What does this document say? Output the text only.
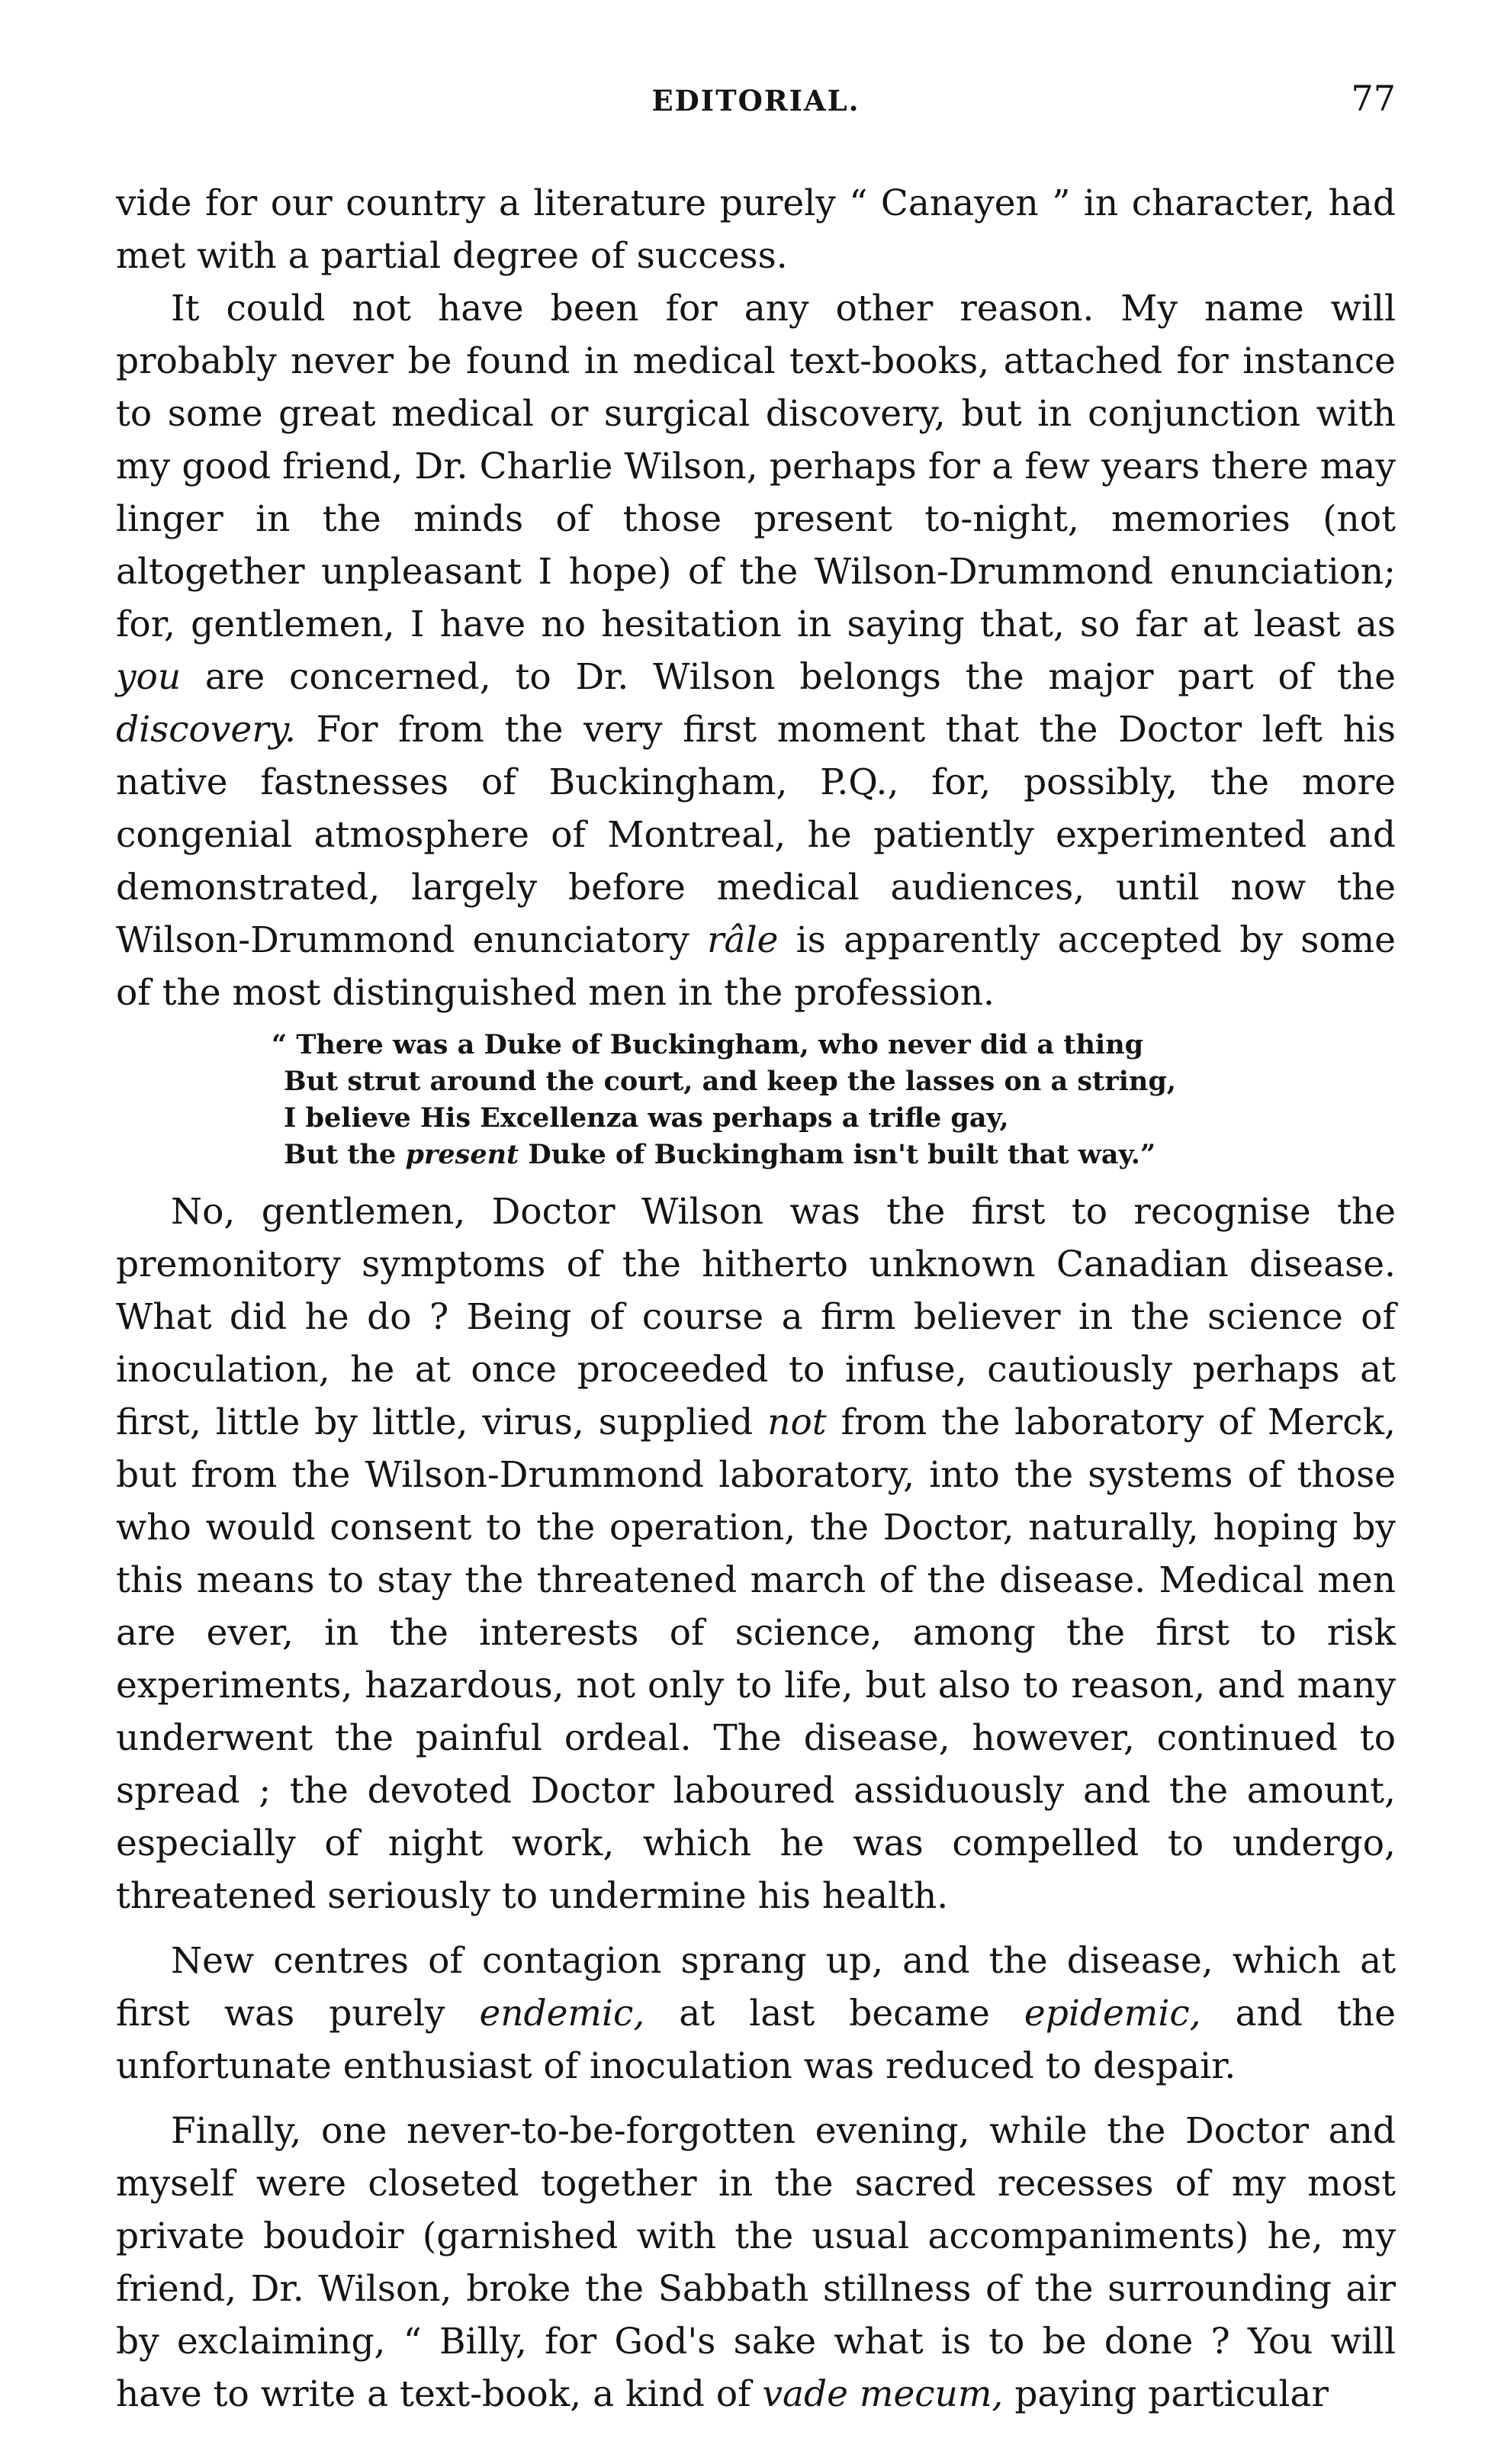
EDITORIAL.	77

vide for our country a literature purely “ Canayen ” in character, had met with a partial degree of success.

It could not have been for any other reason. My name will probably never be found in medical text-books, attached for instance to some great medical or surgical discovery, but in conjunction with my good friend, Dr. Charlie Wilson, perhaps for a few years there may linger in the minds of those present to-night, memories (not altogether unpleasant I hope) of the Wilson-Drummond enunciation; for, gentlemen, I have no hesitation in saying that, so far at least as you are concerned, to Dr. Wilson belongs the major part of the discovery. For from the very first moment that the Doctor left his native fastnesses of Buckingham, P.Q., for, possibly, the more congenial atmosphere of Montreal, he patiently experimented and demonstrated, largely before medical audiences, until now the Wilson-Drummond enunciatory râle is apparently accepted by some of the most distinguished men in the profession.

“ There was a Duke of Buckingham, who never did a thing
But strut around the court, and keep the lasses on a string,
I believe His Excellenza was perhaps a trifle gay,
But the present Duke of Buckingham isn't built that way.”

No, gentlemen, Doctor Wilson was the first to recognise the premonitory symptoms of the hitherto unknown Canadian disease. What did he do ? Being of course a firm believer in the science of inoculation, he at once proceeded to infuse, cautiously perhaps at first, little by little, virus, supplied not from the laboratory of Merck, but from the Wilson-Drummond laboratory, into the systems of those who would consent to the operation, the Doctor, naturally, hoping by this means to stay the threatened march of the disease. Medical men are ever, in the interests of science, among the first to risk experiments, hazardous, not only to life, but also to reason, and many underwent the painful ordeal. The disease, however, continued to spread ; the devoted Doctor laboured assiduously and the amount, especially of night work, which he was compelled to undergo, threatened seriously to undermine his health.

New centres of contagion sprang up, and the disease, which at first was purely endemic, at last became epidemic, and the unfortunate enthusiast of inoculation was reduced to despair.

Finally, one never-to-be-forgotten evening, while the Doctor and myself were closeted together in the sacred recesses of my most private boudoir (garnished with the usual accompaniments) he, my friend, Dr. Wilson, broke the Sabbath stillness of the surrounding air by exclaiming, “ Billy, for God's sake what is to be done ? You will have to write a text-book, a kind of vade mecum, paying particular
